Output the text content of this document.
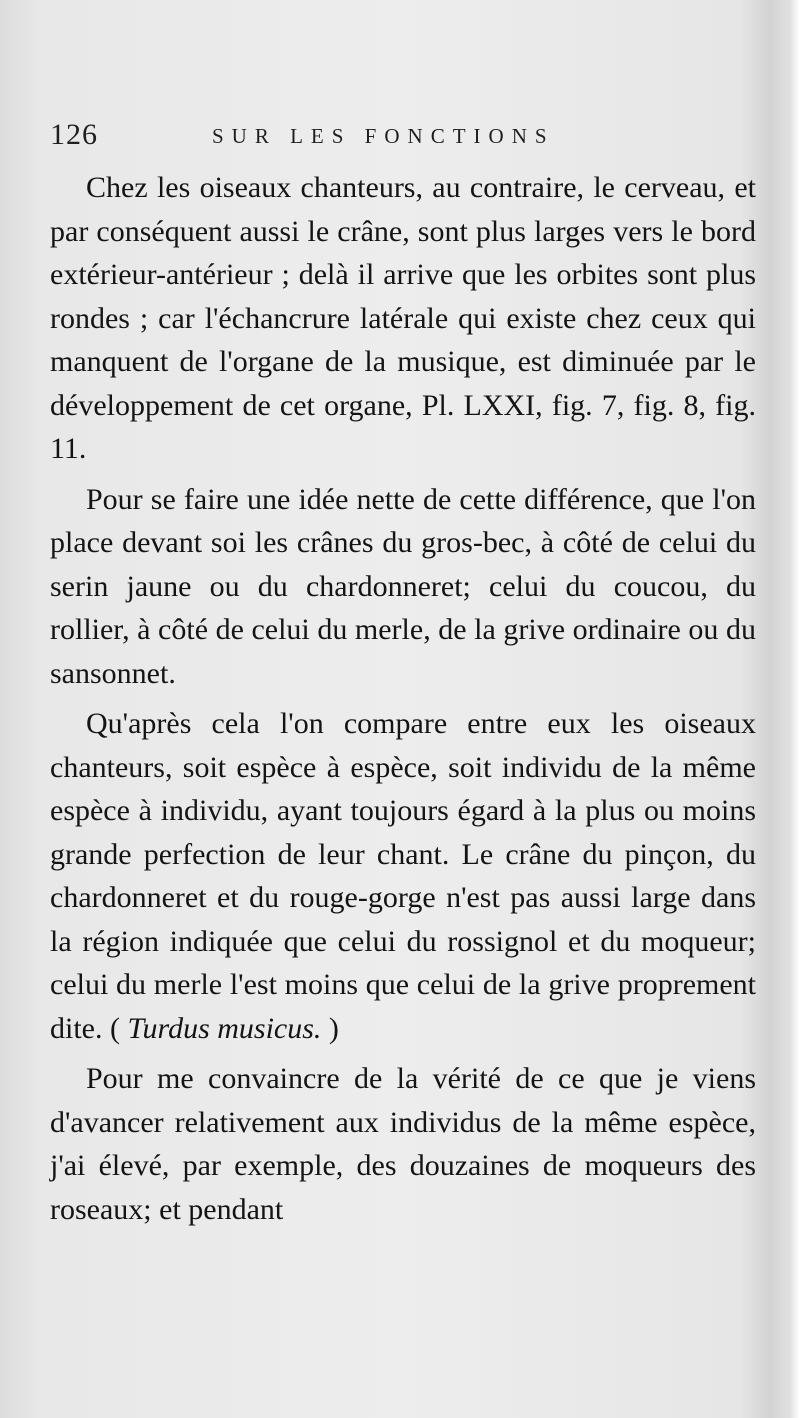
126	SUR LES FONCTIONS

Chez les oiseaux chanteurs, au contraire, le cerveau, et par conséquent aussi le crâne, sont plus larges vers le bord extérieur-antérieur ; delà il arrive que les orbites sont plus rondes ; car l'échancrure latérale qui existe chez ceux qui manquent de l'organe de la musique, est diminuée par le développement de cet organe, Pl. LXXI, fig. 7, fig. 8, fig. 11.

Pour se faire une idée nette de cette différence, que l'on place devant soi les crânes du gros-bec, à côté de celui du serin jaune ou du chardonneret; celui du coucou, du rollier, à côté de celui du merle, de la grive ordinaire ou du sansonnet.

Qu'après cela l'on compare entre eux les oiseaux chanteurs, soit espèce à espèce, soit individu de la même espèce à individu, ayant toujours égard à la plus ou moins grande perfection de leur chant. Le crâne du pinçon, du chardonneret et du rouge-gorge n'est pas aussi large dans la région indiquée que celui du rossignol et du moqueur; celui du merle l'est moins que celui de la grive proprement dite. ( Turdus musicus. )

Pour me convaincre de la vérité de ce que je viens d'avancer relativement aux individus de la même espèce, j'ai élevé, par exemple, des douzaines de moqueurs des roseaux; et pendant
